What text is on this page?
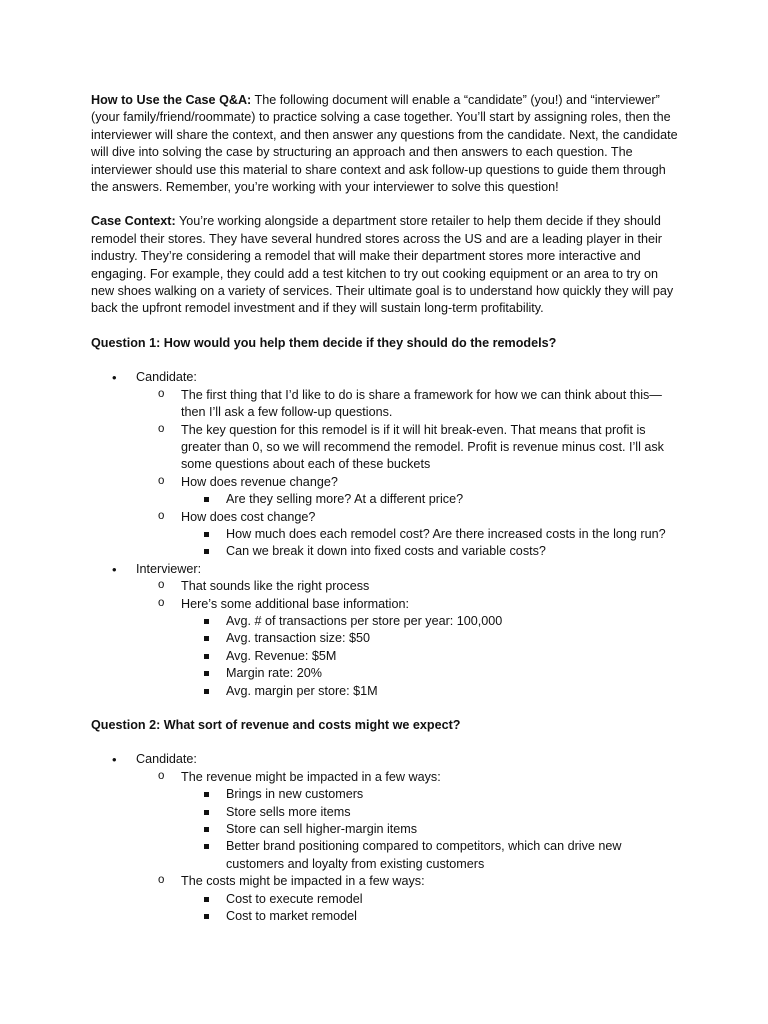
How to Use the Case Q&A: The following document will enable a “candidate” (you!) and “interviewer” (your family/friend/roommate) to practice solving a case together. You’ll start by assigning roles, then the interviewer will share the context, and then answer any questions from the candidate. Next, the candidate will dive into solving the case by structuring an approach and then answers to each question. The interviewer should use this material to share context and ask follow-up questions to guide them through the answers. Remember, you’re working with your interviewer to solve this question!

Case Context: You’re working alongside a department store retailer to help them decide if they should remodel their stores. They have several hundred stores across the US and are a leading player in their industry. They’re considering a remodel that will make their department stores more interactive and engaging. For example, they could add a test kitchen to try out cooking equipment or an area to try on new shoes walking on a variety of services. Their ultimate goal is to understand how quickly they will pay back the upfront remodel investment and if they will sustain long-term profitability.

Question 1: How would you help them decide if they should do the remodels?

• Candidate:
o The first thing that I’d like to do is share a framework for how we can think about this—then I’ll ask a few follow-up questions.
o The key question for this remodel is if it will hit break-even. That means that profit is greater than 0, so we will recommend the remodel. Profit is revenue minus cost. I’ll ask some questions about each of these buckets
o How does revenue change?
Are they selling more? At a different price?
o How does cost change?
How much does each remodel cost? Are there increased costs in the long run?
Can we break it down into fixed costs and variable costs?
• Interviewer:
o That sounds like the right process
o Here’s some additional base information:
Avg. # of transactions per store per year: 100,000
Avg. transaction size: $50
Avg. Revenue: $5M
Margin rate: 20%
Avg. margin per store: $1M

Question 2: What sort of revenue and costs might we expect?

• Candidate:
o The revenue might be impacted in a few ways:
Brings in new customers
Store sells more items
Store can sell higher-margin items
Better brand positioning compared to competitors, which can drive new customers and loyalty from existing customers
o The costs might be impacted in a few ways:
Cost to execute remodel
Cost to market remodel
